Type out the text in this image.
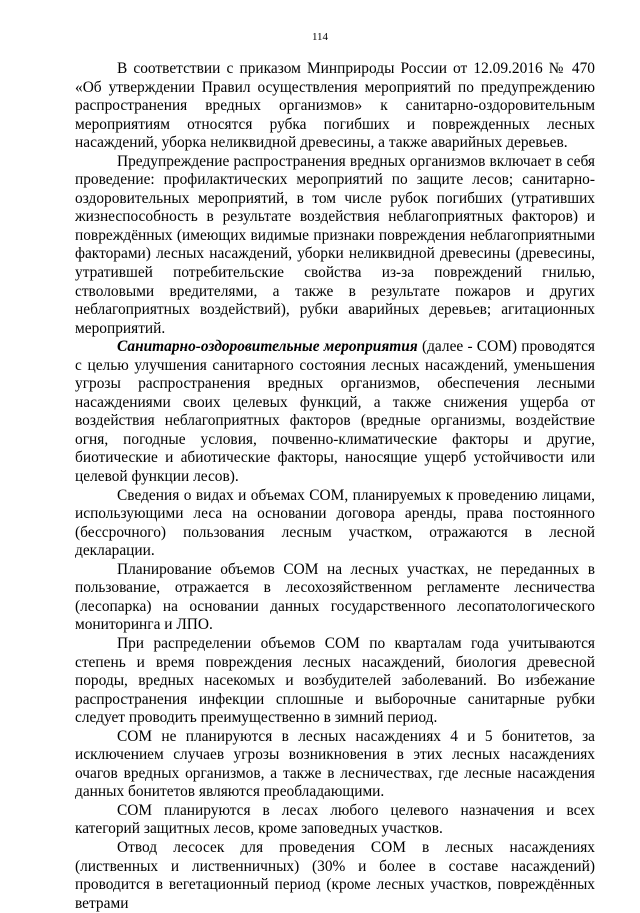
114

В соответствии с приказом Минприроды России от 12.09.2016 № 470 «Об утверждении Правил осуществления мероприятий по предупреждению распространения вредных организмов» к санитарно-оздоровительным мероприятиям относятся рубка погибших и поврежденных лесных насаждений, уборка неликвидной древесины, а также аварийных деревьев.

Предупреждение распространения вредных организмов включает в себя проведение: профилактических мероприятий по защите лесов; санитарно-оздоровительных мероприятий, в том числе рубок погибших (утративших жизнеспособность в результате воздействия неблагоприятных факторов) и повреждённых (имеющих видимые признаки повреждения неблагоприятными факторами) лесных насаждений, уборки неликвидной древесины (древесины, утратившей потребительские свойства из-за повреждений гнилью, стволовыми вредителями, а также в результате пожаров и других неблагоприятных воздействий), рубки аварийных деревьев; агитационных мероприятий.

Санитарно-оздоровительные мероприятия (далее - СОМ) проводятся с целью улучшения санитарного состояния лесных насаждений, уменьшения угрозы распространения вредных организмов, обеспечения лесными насаждениями своих целевых функций, а также снижения ущерба от воздействия неблагоприятных факторов (вредные организмы, воздействие огня, погодные условия, почвенно-климатические факторы и другие, биотические и абиотические факторы, наносящие ущерб устойчивости или целевой функции лесов).

Сведения о видах и объемах СОМ, планируемых к проведению лицами, использующими леса на основании договора аренды, права постоянного (бессрочного) пользования лесным участком, отражаются в лесной декларации.

Планирование объемов СОМ на лесных участках, не переданных в пользование, отражается в лесохозяйственном регламенте лесничества (лесопарка) на основании данных государственного лесопатологического мониторинга и ЛПО.

При распределении объемов СОМ по кварталам года учитываются степень и время повреждения лесных насаждений, биология древесной породы, вредных насекомых и возбудителей заболеваний. Во избежание распространения инфекции сплошные и выборочные санитарные рубки следует проводить преимущественно в зимний период.

СОМ не планируются в лесных насаждениях 4 и 5 бонитетов, за исключением случаев угрозы возникновения в этих лесных насаждениях очагов вредных организмов, а также в лесничествах, где лесные насаждения данных бонитетов являются преобладающими.

СОМ планируются в лесах любого целевого назначения и всех категорий защитных лесов, кроме заповедных участков.

Отвод лесосек для проведения СОМ в лесных насаждениях (лиственных и лиственничных) (30% и более в составе насаждений) проводится в вегетационный период (кроме лесных участков, повреждённых ветрами
